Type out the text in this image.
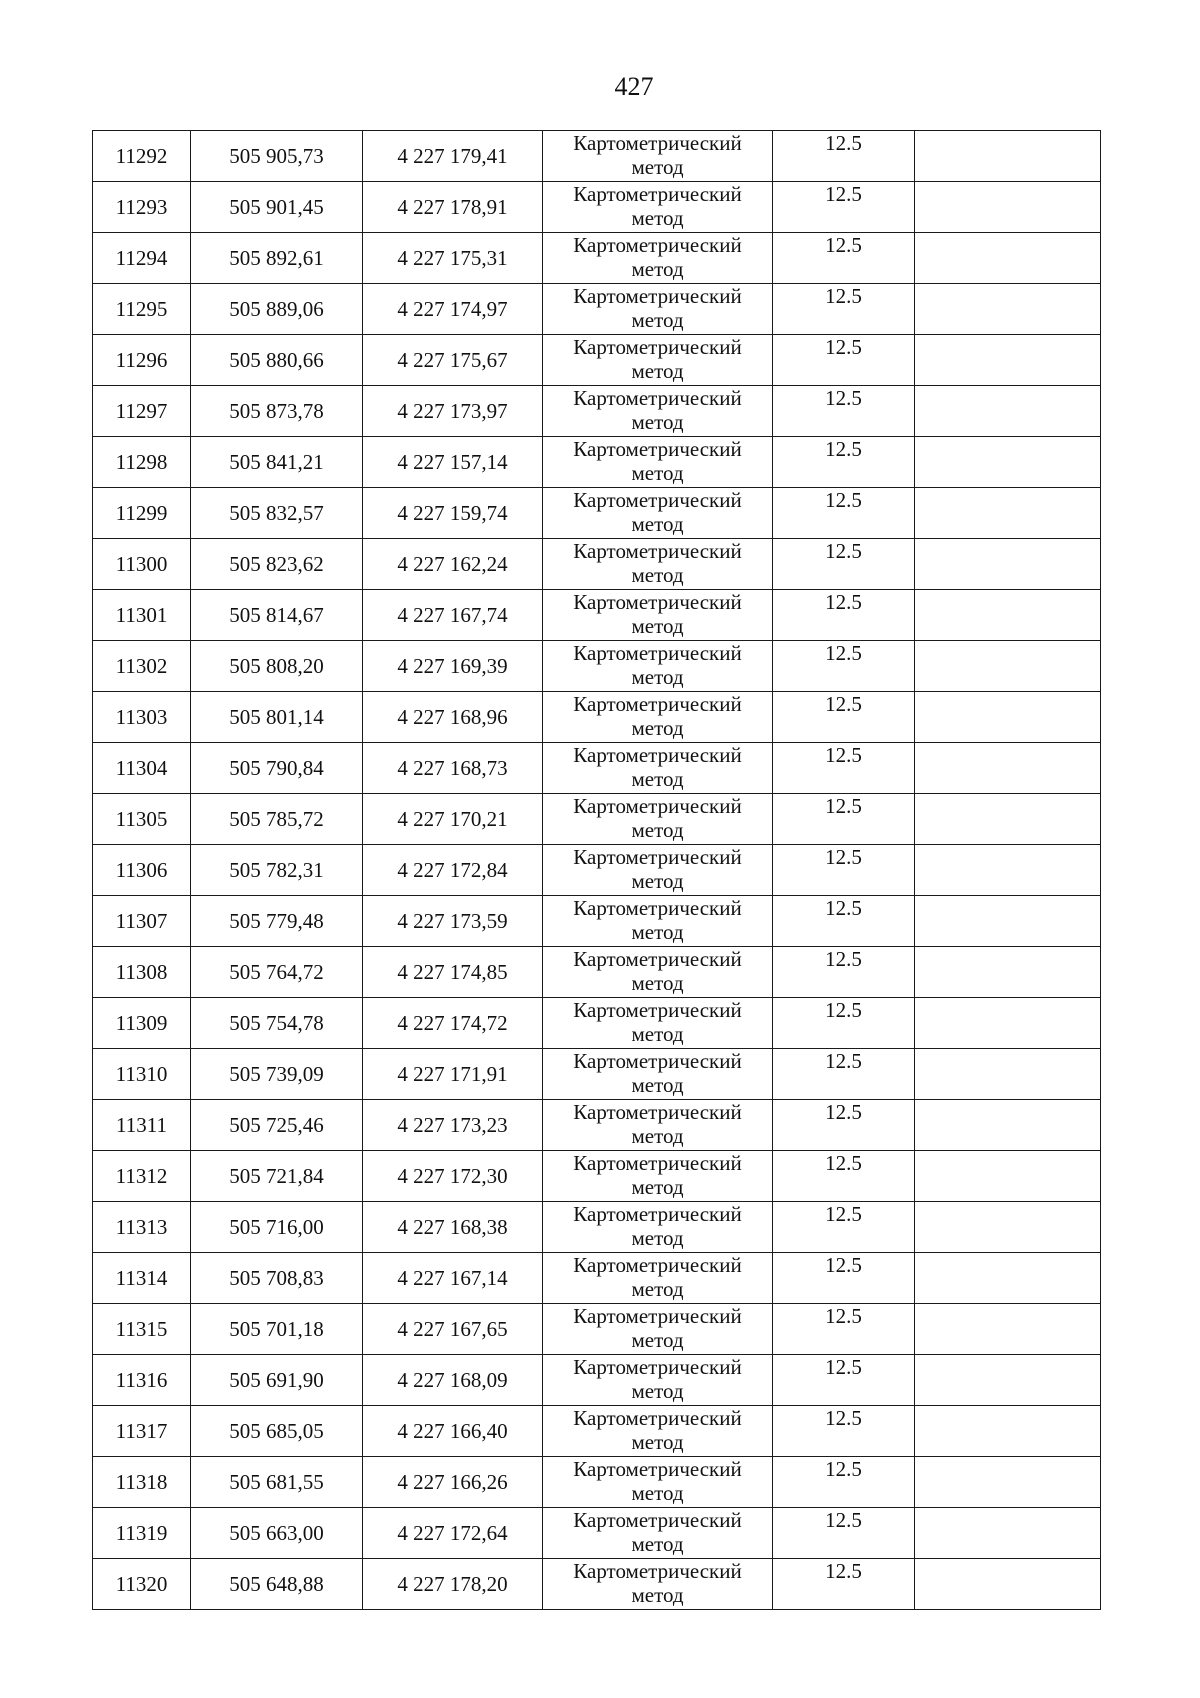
427
11292	505 905,73	4 227 179,41	Картометрический
метод	12.5	
11293	505 901,45	4 227 178,91	Картометрический
метод	12.5	
11294	505 892,61	4 227 175,31	Картометрический
метод	12.5	
11295	505 889,06	4 227 174,97	Картометрический
метод	12.5	
11296	505 880,66	4 227 175,67	Картометрический
метод	12.5	
11297	505 873,78	4 227 173,97	Картометрический
метод	12.5	
11298	505 841,21	4 227 157,14	Картометрический
метод	12.5	
11299	505 832,57	4 227 159,74	Картометрический
метод	12.5	
11300	505 823,62	4 227 162,24	Картометрический
метод	12.5	
11301	505 814,67	4 227 167,74	Картометрический
метод	12.5	
11302	505 808,20	4 227 169,39	Картометрический
метод	12.5	
11303	505 801,14	4 227 168,96	Картометрический
метод	12.5	
11304	505 790,84	4 227 168,73	Картометрический
метод	12.5	
11305	505 785,72	4 227 170,21	Картометрический
метод	12.5	
11306	505 782,31	4 227 172,84	Картометрический
метод	12.5	
11307	505 779,48	4 227 173,59	Картометрический
метод	12.5	
11308	505 764,72	4 227 174,85	Картометрический
метод	12.5	
11309	505 754,78	4 227 174,72	Картометрический
метод	12.5	
11310	505 739,09	4 227 171,91	Картометрический
метод	12.5	
11311	505 725,46	4 227 173,23	Картометрический
метод	12.5	
11312	505 721,84	4 227 172,30	Картометрический
метод	12.5	
11313	505 716,00	4 227 168,38	Картометрический
метод	12.5	
11314	505 708,83	4 227 167,14	Картометрический
метод	12.5	
11315	505 701,18	4 227 167,65	Картометрический
метод	12.5	
11316	505 691,90	4 227 168,09	Картометрический
метод	12.5	
11317	505 685,05	4 227 166,40	Картометрический
метод	12.5	
11318	505 681,55	4 227 166,26	Картометрический
метод	12.5	
11319	505 663,00	4 227 172,64	Картометрический
метод	12.5	
11320	505 648,88	4 227 178,20	Картометрический
метод	12.5	
